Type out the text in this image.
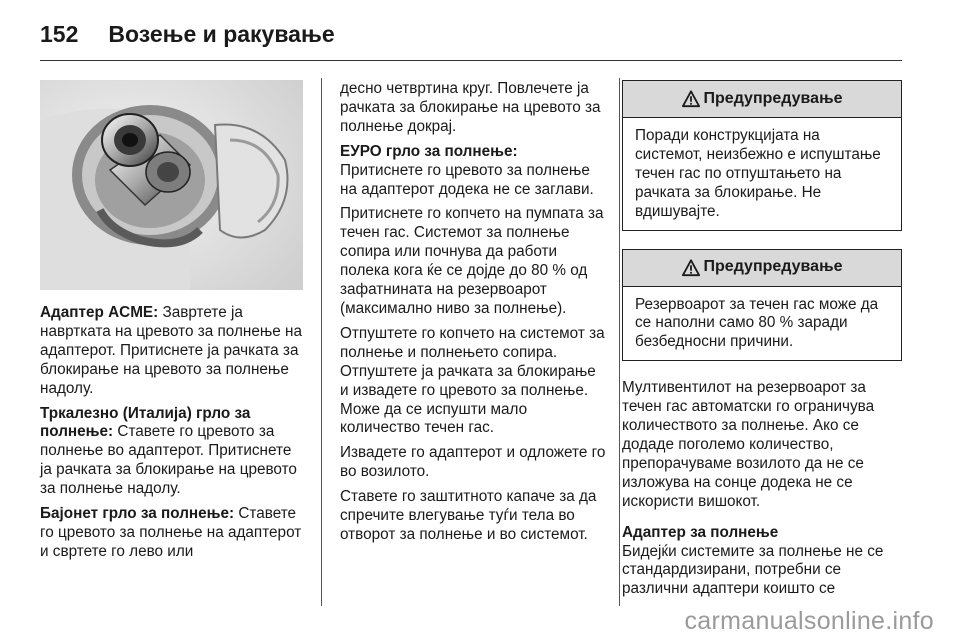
152 Возење и ракување

Адаптер ACME: Завртете ја навртката на цревото за полнење на адаптерот. Притиснете ја рачката за блокирање на цревото за полнење надолу.

Тркалезно (Италија) грло за полнење: Ставете го цревото за полнење во адаптерот. Притиснете ја рачката за блокирање на цревото за полнење надолу.

Бајонет грло за полнење: Ставете го цревото за полнење на адаптерот и свртете го лево или

десно четвртина круг. Повлечете ја рачката за блокирање на цревото за полнење докрај.

ЕУРО грло за полнење:
Притиснете го цревото за полнење на адаптерот додека не се заглави.

Притиснете го копчето на пумпата за течен гас. Системот за полнење сопира или почнува да работи полека кога ќе се дојде до 80 % од зафатнината на резервоарот (максимално ниво за полнење).

Отпуштете го копчето на системот за полнење и полнењето сопира. Отпуштете ја рачката за блокирање и извадете го цревото за полнење. Може да се испушти мало количество течен гас.

Извадете го адаптерот и одложете го во возилото.

Ставете го заштитното капаче за да спречите влегување туѓи тела во отворот за полнење и во системот.

Предупредување
Поради конструкцијата на системот, неизбежно е испуштање течен гас по отпуштањето на рачката за блокирање. Не вдишувајте.
Предупредување
Резервоарот за течен гас може да се наполни само 80 % заради безбедносни причини.

Мултивентилот на резервоарот за течен гас автоматски го ограничува количеството за полнење. Ако се додаде поголемо количество, препорачуваме возилото да не се изложува на сонце додека не се искористи вишокот.

Адаптер за полнење
Бидејќи системите за полнење не се стандардизирани, потребни се различни адаптери коишто се

carmanualsonline.info
